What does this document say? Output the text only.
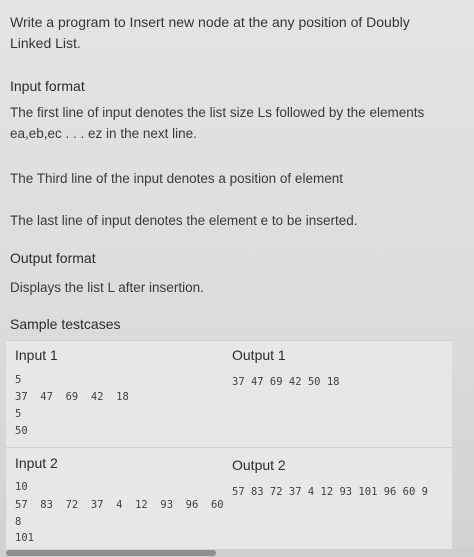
Write a program to Insert new node at the any position of Doubly Linked List.
Input format
The first line of input denotes the list size Ls followed by the elements ea,eb,ec . . . ez in the next line.
The Third line of the input denotes a position of element
The last line of input denotes the element e to be inserted.
Output format
Displays the list L after insertion.
Sample testcases
Input 1	Output 1
5
37  47  69  42  18
5
50
37 47 69 42 50 18
Input 2	Output 2
10
57  83  72  37  4  12  93  96  60
8
101
57 83 72 37 4 12 93 101 96 60 9
